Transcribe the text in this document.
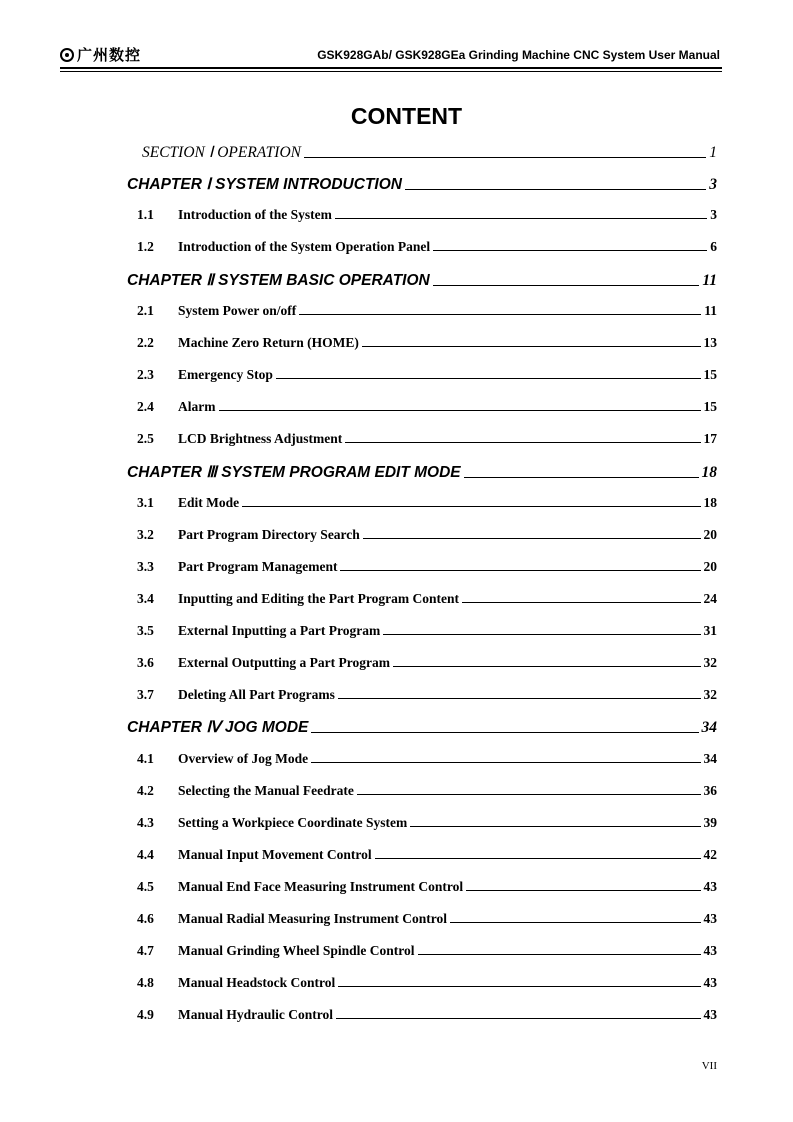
广州数控	GSK928GAb/ GSK928GEa Grinding Machine CNC System User Manual
CONTENT
SECTION Ⅰ OPERATION	1
CHAPTER Ⅰ SYSTEM INTRODUCTION	3
1.1	Introduction of the System	3
1.2	Introduction of the System Operation Panel	6
CHAPTER Ⅱ SYSTEM BASIC OPERATION	11
2.1	System Power on/off	11
2.2	Machine Zero Return (HOME)	13
2.3	Emergency Stop	15
2.4	Alarm	15
2.5	LCD Brightness Adjustment	17
CHAPTER Ⅲ SYSTEM PROGRAM EDIT MODE	18
3.1	Edit Mode	18
3.2	Part Program Directory Search	20
3.3	Part Program Management	20
3.4	Inputting and Editing the Part Program Content	24
3.5	External Inputting a Part Program	31
3.6	External Outputting a Part Program	32
3.7	Deleting All Part Programs	32
CHAPTER Ⅳ JOG MODE	34
4.1	Overview of Jog Mode	34
4.2	Selecting the Manual Feedrate	36
4.3	Setting a Workpiece Coordinate System	39
4.4	Manual Input Movement Control	42
4.5	Manual End Face Measuring Instrument Control	43
4.6	Manual Radial Measuring Instrument Control	43
4.7	Manual Grinding Wheel Spindle Control	43
4.8	Manual Headstock Control	43
4.9	Manual Hydraulic Control	43
VII
